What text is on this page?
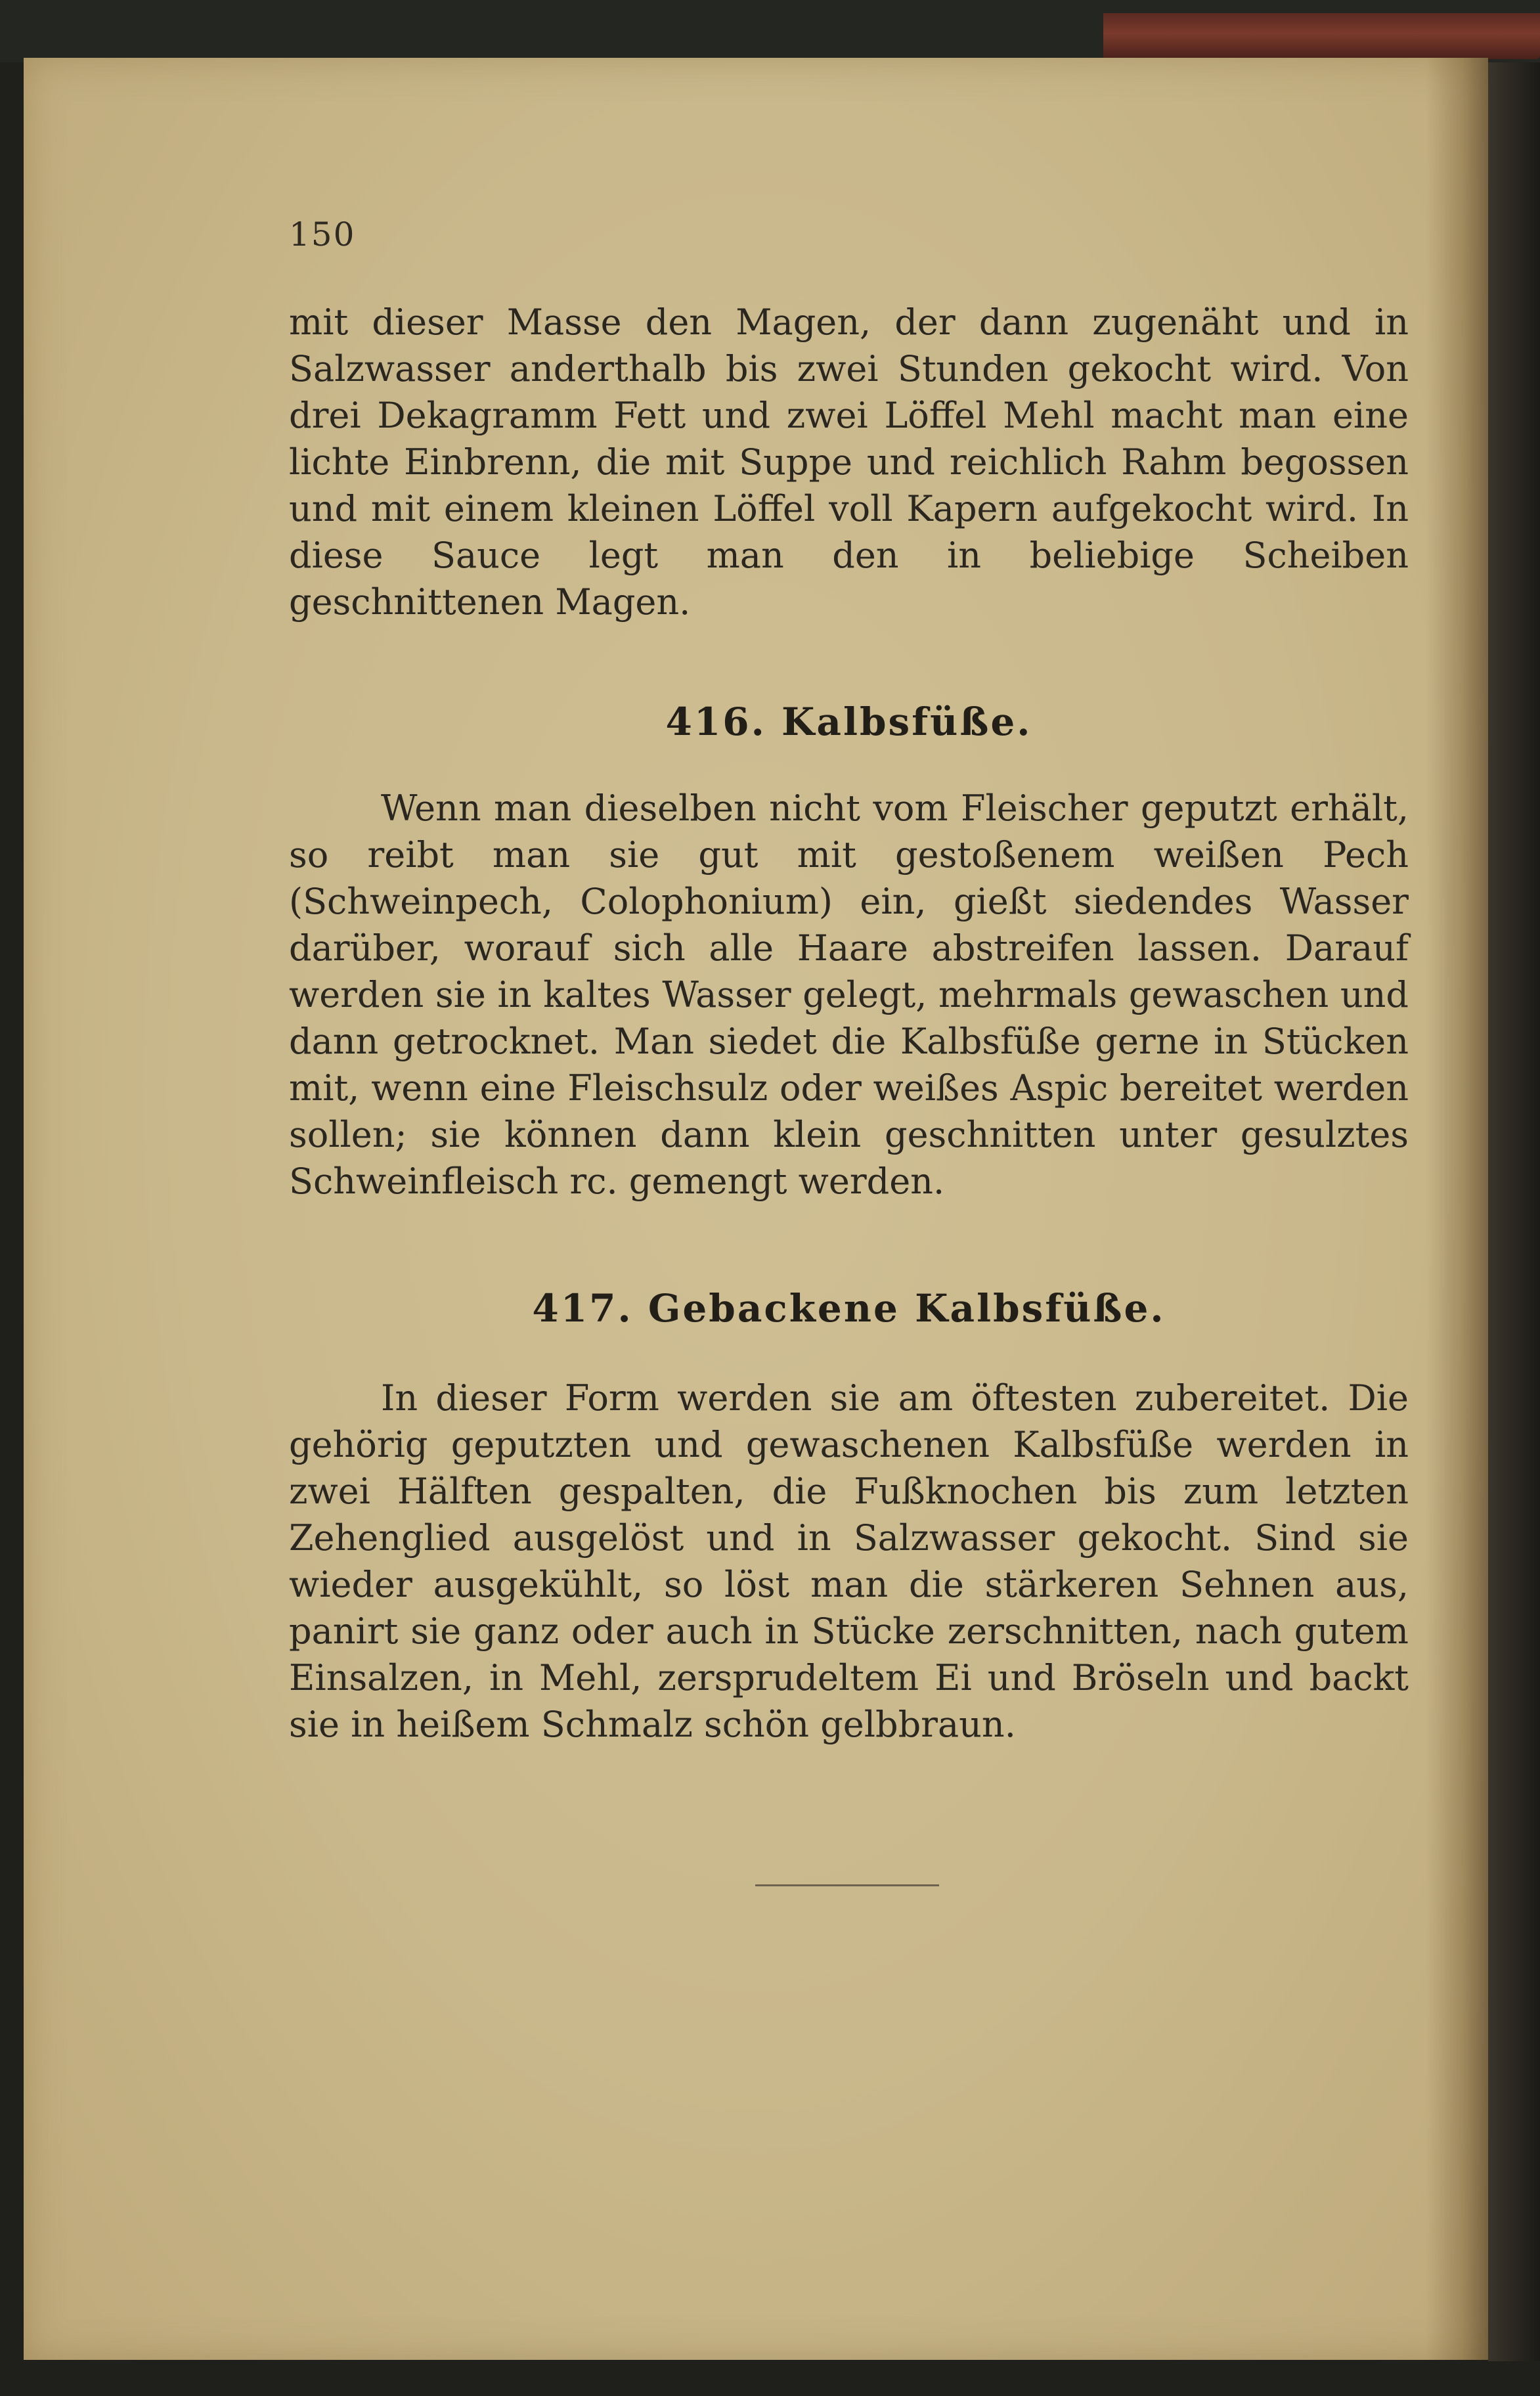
150

mit dieser Masse den Magen, der dann zugenäht und in Salzwasser anderthalb bis zwei Stunden gekocht wird. Von drei Dekagramm Fett und zwei Löffel Mehl macht man eine lichte Einbrenn, die mit Suppe und reichlich Rahm begossen und mit einem kleinen Löffel voll Kapern aufgekocht wird. In diese Sauce legt man den in beliebige Scheiben geschnittenen Magen.

416. Kalbsfüße.

Wenn man dieselben nicht vom Fleischer geputzt erhält, so reibt man sie gut mit gestoßenem weißen Pech (Schweinpech, Colophonium) ein, gießt siedendes Wasser darüber, worauf sich alle Haare abstreifen lassen. Darauf werden sie in kaltes Wasser gelegt, mehrmals gewaschen und dann getrocknet. Man siedet die Kalbsfüße gerne in Stücken mit, wenn eine Fleischsulz oder weißes Aspic bereitet werden sollen; sie können dann klein geschnitten unter gesulztes Schweinfleisch rc. gemengt werden.

417. Gebackene Kalbsfüße.

In dieser Form werden sie am öftesten zubereitet. Die gehörig geputzten und gewaschenen Kalbsfüße werden in zwei Hälften gespalten, die Fußknochen bis zum letzten Zehenglied ausgelöst und in Salzwasser gekocht. Sind sie wieder ausgekühlt, so löst man die stärkeren Sehnen aus, panirt sie ganz oder auch in Stücke zerschnitten, nach gutem Einsalzen, in Mehl, zersprudeltem Ei und Bröseln und backt sie in heißem Schmalz schön gelbbraun.
